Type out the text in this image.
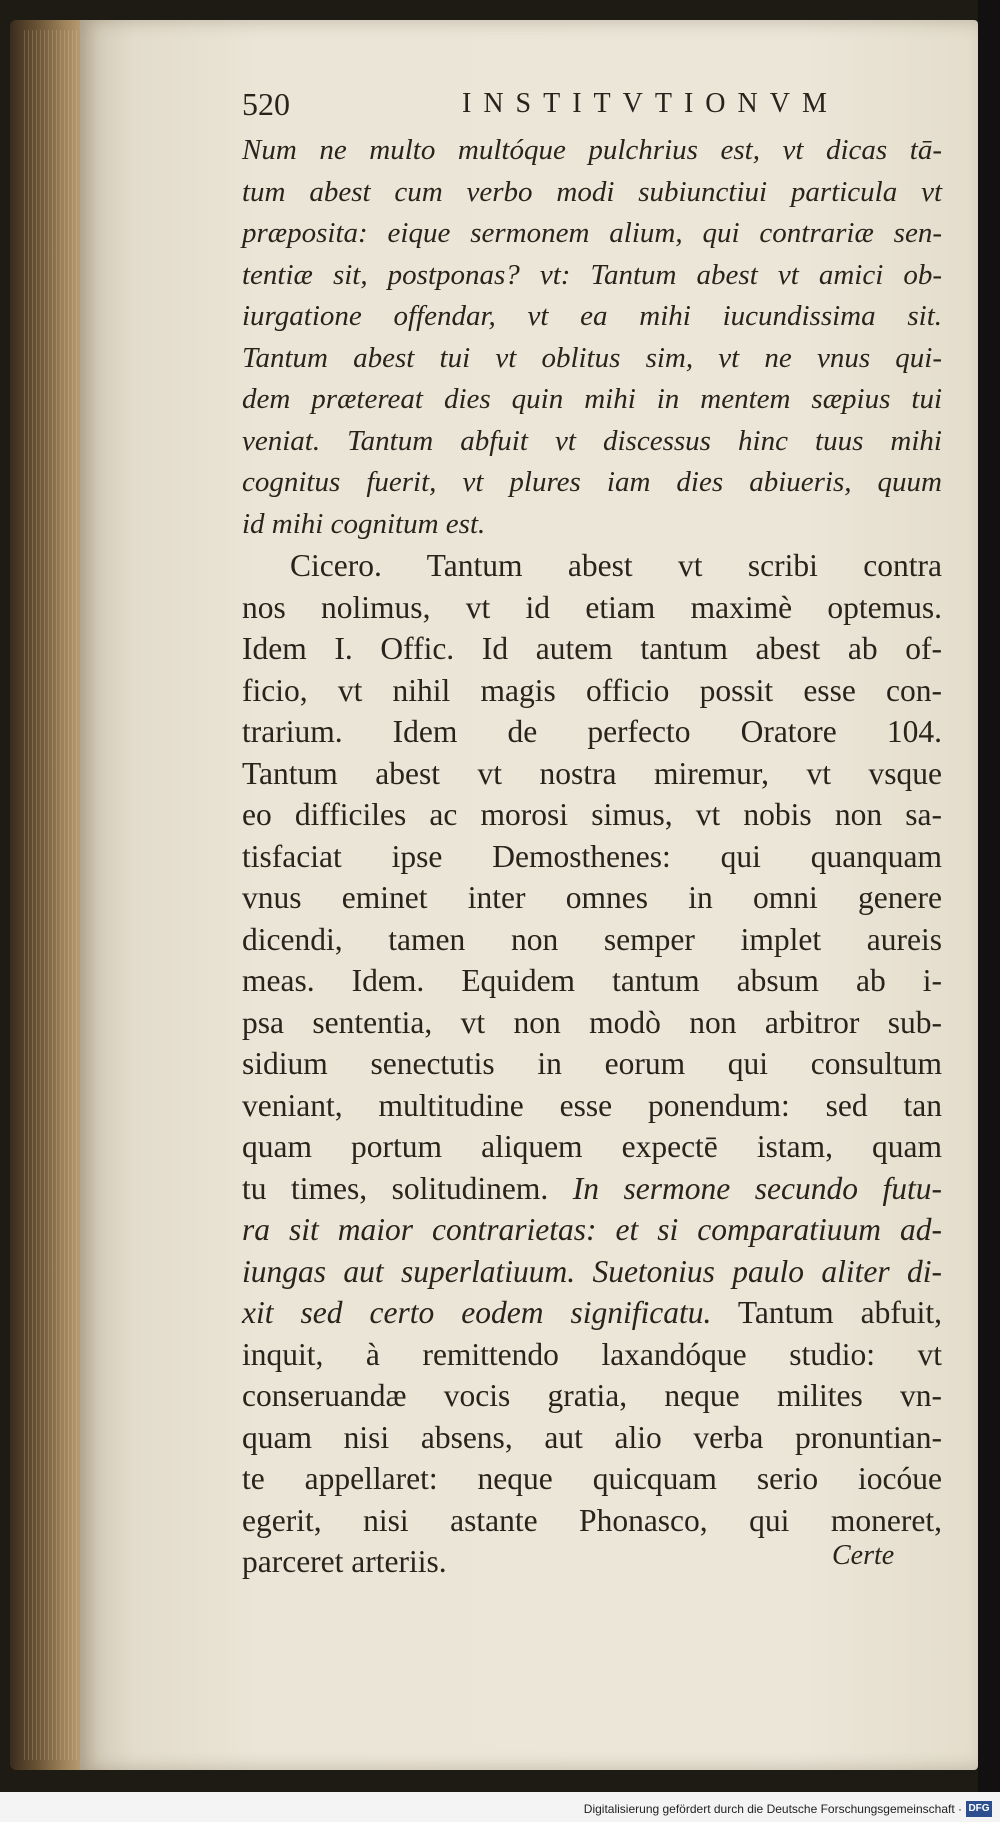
520	INSTITVTIONVM
Num ne multo multóque pulchrius est, vt dicas tā-
tum abest cum verbo modi subiunctiui particula vt
præposita: eique sermonem alium, qui contrariæ sen-
tentiæ sit, postponas? vt: Tantum abest vt amici ob-
iurgatione offendar, vt ea mihi iucundissima sit.
Tantum abest tui vt oblitus sim, vt ne vnus qui-
dem prætereat dies quin mihi in mentem sæpius tui
veniat. Tantum abfuit vt discessus hinc tuus mihi
cognitus fuerit, vt plures iam dies abiueris, quum
id mihi cognitum est.
Cicero. Tantum abest vt scribi contra
nos nolimus, vt id etiam maximè optemus.
Idem I. Offic. Id autem tantum abest ab of-
ficio, vt nihil magis officio possit esse con-
trarium. Idem de perfecto Oratore 104.
Tantum abest vt nostra miremur, vt vsque
eo difficiles ac morosi simus, vt nobis non sa-
tisfaciat ipse Demosthenes: qui quanquam
vnus eminet inter omnes in omni genere
dicendi, tamen non semper implet aureis
meas. Idem. Equidem tantum absum ab i-
psa sententia, vt non modò non arbitror sub-
sidium senectutis in eorum qui consultum
veniant, multitudine esse ponendum: sed tan
quam portum aliquem expectē istam, quam
tu times, solitudinem. In sermone secundo futu-
ra sit maior contrarietas: et si comparatiuum ad-
iungas aut superlatiuum. Suetonius paulo aliter di-
xit sed certo eodem significatu. Tantum abfuit,
inquit, à remittendo laxandóque studio: vt
conseruandæ vocis gratia, neque milites vn-
quam nisi absens, aut alio verba pronuntian-
te appellaret: neque quicquam serio iocóue
egerit, nisi astante Phonasco, qui moneret,
parceret arteriis.	Certe
Digitalisierung gefördert durch die Deutsche Forschungsgemeinschaft · DFG
